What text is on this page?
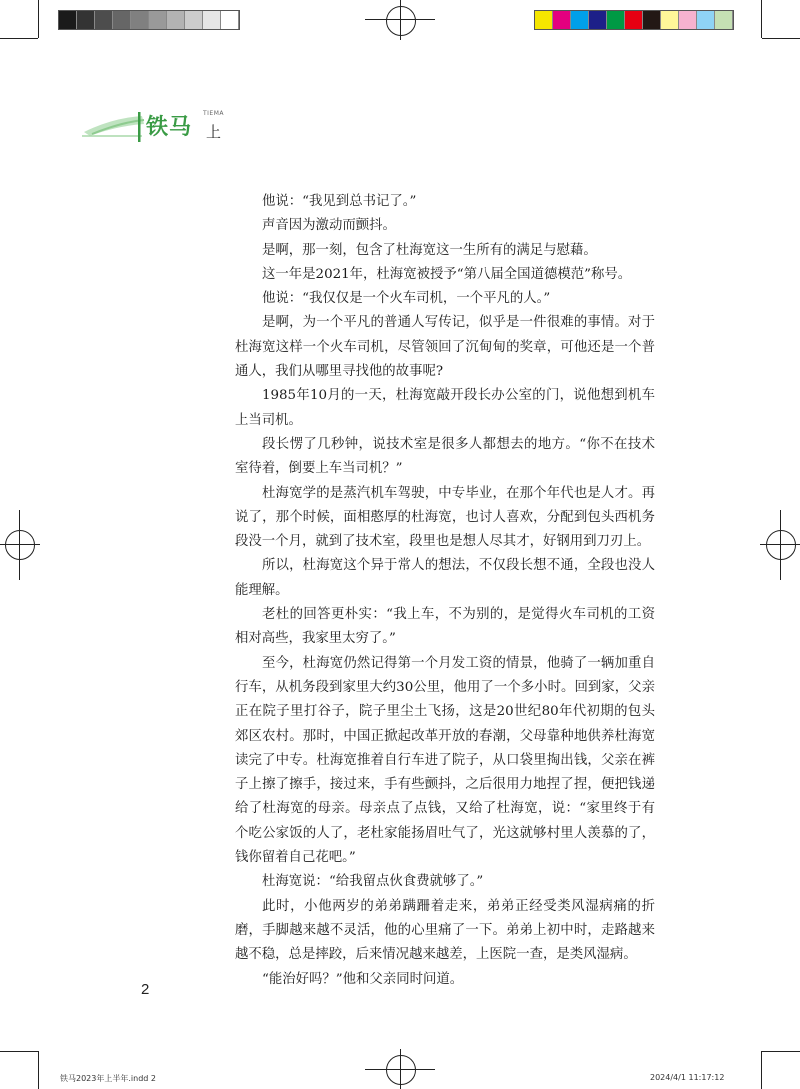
铁马
TIEMA
上

他说：“我见到总书记了。”

声音因为激动而颤抖。

是啊，那一刻，包含了杜海宽这一生所有的满足与慰藉。

这一年是2021年，杜海宽被授予“第八届全国道德模范”称号。

他说：“我仅仅是一个火车司机，一个平凡的人。”

是啊，为一个平凡的普通人写传记，似乎是一件很难的事情。对于杜海宽这样一个火车司机，尽管领回了沉甸甸的奖章，可他还是一个普通人，我们从哪里寻找他的故事呢?

1985年10月的一天，杜海宽敲开段长办公室的门，说他想到机车上当司机。

段长愣了几秒钟，说技术室是很多人都想去的地方。“你不在技术室待着，倒要上车当司机？”

杜海宽学的是蒸汽机车驾驶，中专毕业，在那个年代也是人才。再说了，那个时候，面相憨厚的杜海宽，也讨人喜欢，分配到包头西机务段没一个月，就到了技术室，段里也是想人尽其才，好钢用到刀刃上。

所以，杜海宽这个异于常人的想法，不仅段长想不通，全段也没人能理解。

老杜的回答更朴实：“我上车，不为别的，是觉得火车司机的工资相对高些，我家里太穷了。”

至今，杜海宽仍然记得第一个月发工资的情景，他骑了一辆加重自行车，从机务段到家里大约30公里，他用了一个多小时。回到家，父亲正在院子里打谷子，院子里尘土飞扬，这是20世纪80年代初期的包头郊区农村。那时，中国正掀起改革开放的春潮，父母靠种地供养杜海宽读完了中专。杜海宽推着自行车进了院子，从口袋里掏出钱，父亲在裤子上擦了擦手，接过来，手有些颤抖，之后很用力地捏了捏，便把钱递给了杜海宽的母亲。母亲点了点钱，又给了杜海宽，说：“家里终于有个吃公家饭的人了，老杜家能扬眉吐气了，光这就够村里人羡慕的了，钱你留着自己花吧。”

杜海宽说：“给我留点伙食费就够了。”

此时，小他两岁的弟弟蹒跚着走来，弟弟正经受类风湿病痛的折磨，手脚越来越不灵活，他的心里痛了一下。弟弟上初中时，走路越来越不稳，总是摔跤，后来情况越来越差，上医院一查，是类风湿病。

“能治好吗？”他和父亲同时问道。

2
铁马2023年上半年.indd 2	2024/4/1 11:17:12
